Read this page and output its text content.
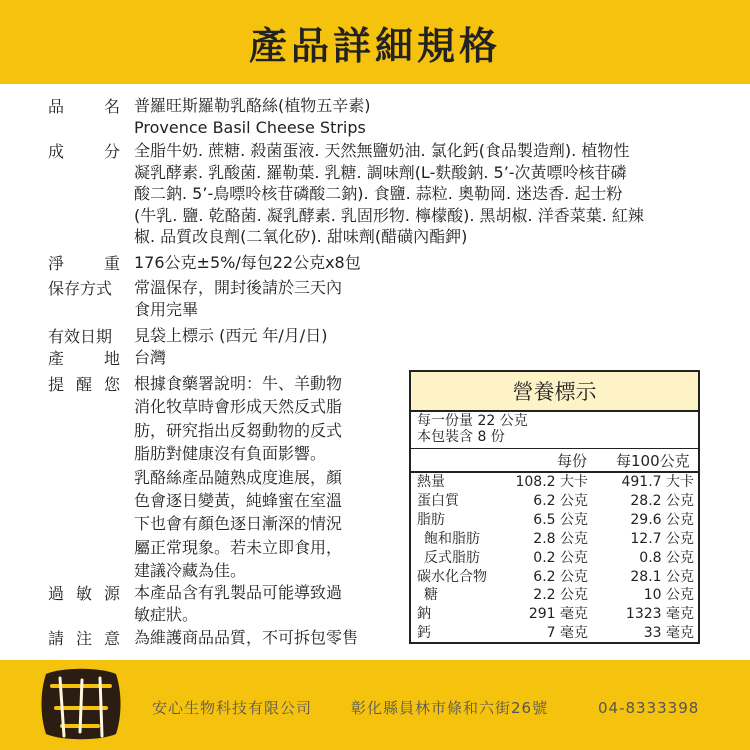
產品詳細規格
品 名 普羅旺斯羅勒乳酪絲(植物五辛素)
Provence Basil Cheese Strips
成 分 全脂牛奶. 蔗糖. 殺菌蛋液. 天然無鹽奶油. 氯化鈣(食品製造劑). 植物性
凝乳酵素. 乳酸菌. 羅勒葉. 乳糖. 調味劑(L-麩酸鈉. 5’-次黃嘌呤核苷磷
酸二鈉. 5’-鳥嘌呤核苷磷酸二鈉). 食鹽. 蒜粒. 奧勒岡. 迷迭香. 起士粉
(牛乳. 鹽. 乾酪菌. 凝乳酵素. 乳固形物. 檸檬酸). 黑胡椒. 洋香菜葉. 紅辣
椒. 品質改良劑(二氧化矽). 甜味劑(醋磺內酯鉀)
淨 重 176公克±5%/每包22公克x8包
保存方式 常溫保存，開封後請於三天內
食用完畢
有效日期 見袋上標示 (西元 年/月/日)
產 地 台灣
提 醒 您 根據食藥署說明：牛、羊動物
消化牧草時會形成天然反式脂
肪，研究指出反芻動物的反式
脂肪對健康沒有負面影響。
乳酪絲產品隨熟成度進展，顏
色會逐日變黃，純蜂蜜在室溫
下也會有顏色逐日漸深的情況
屬正常現象。若未立即食用，
建議冷藏為佳。
過 敏 源 本產品含有乳製品可能導致過
敏症狀。
請 注 意 為維護商品品質，不可拆包零售
營養標示
每一份量 22 公克
本包裝含 8 份
每份 每100公克
熱量	108.2 大卡 491.7 大卡
蛋白質	6.2 公克	28.2 公克
脂肪	6.5 公克	29.6 公克
飽和脂肪	2.8 公克	12.7 公克
反式脂肪	0.2 公克	0.8 公克
碳水化合物	6.2 公克	28.1 公克
糖	2.2 公克	10 公克
鈉	291 毫克	1323 毫克
鈣	7 毫克	33 毫克
安心生物科技有限公司	彰化縣員林市條和六街26號	04-8333398
